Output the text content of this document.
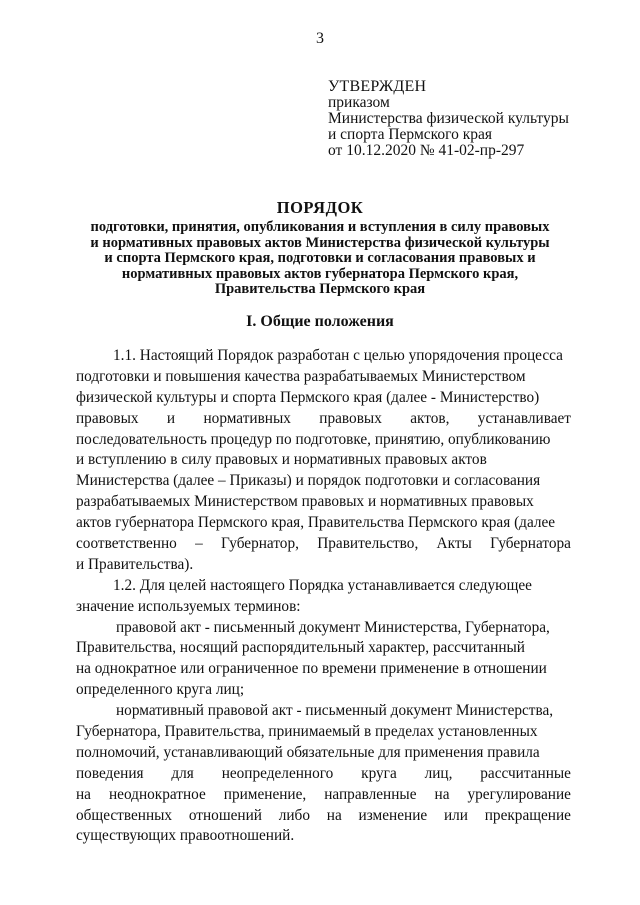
3
УТВЕРЖДЕН
приказом
Министерства физической культуры
и спорта Пермского края
от 10.12.2020 № 41-02-пр-297
ПОРЯДОК
подготовки, принятия, опубликования и вступления в силу правовых
и нормативных правовых актов Министерства физической культуры
и спорта Пермского края, подготовки и согласования правовых и
нормативных правовых актов губернатора Пермского края,
Правительства Пермского края
I. Общие положения
1.1. Настоящий Порядок разработан с целью упорядочения процесса
подготовки и повышения качества разрабатываемых Министерством
физической культуры и спорта Пермского края (далее - Министерство)
правовых и нормативных правовых актов, устанавливает
последовательность процедур по подготовке, принятию, опубликованию
и вступлению в силу правовых и нормативных правовых актов
Министерства (далее – Приказы) и порядок подготовки и согласования
разрабатываемых Министерством правовых и нормативных правовых
актов губернатора Пермского края, Правительства Пермского края (далее
соответственно – Губернатор, Правительство, Акты Губернатора
и Правительства).
1.2. Для целей настоящего Порядка устанавливается следующее
значение используемых терминов:
правовой акт - письменный документ Министерства, Губернатора,
Правительства, носящий распорядительный характер, рассчитанный
на однократное или ограниченное по времени применение в отношении
определенного круга лиц;
нормативный правовой акт - письменный документ Министерства,
Губернатора, Правительства, принимаемый в пределах установленных
полномочий, устанавливающий обязательные для применения правила
поведения для неопределенного круга лиц, рассчитанные
на неоднократное применение, направленные на урегулирование
общественных отношений либо на изменение или прекращение
существующих правоотношений.
